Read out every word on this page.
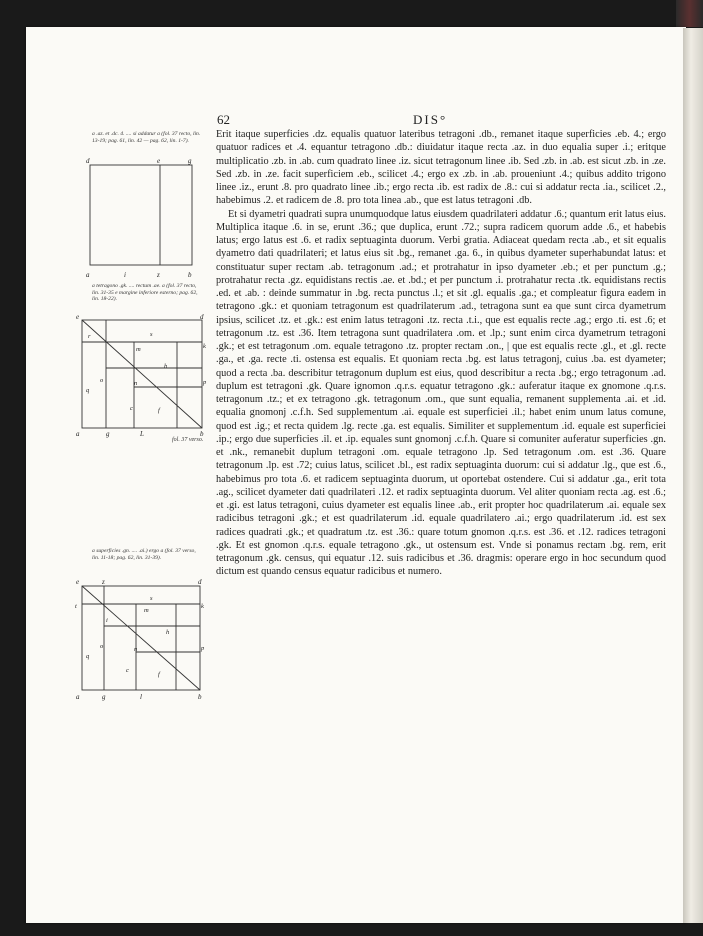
62	DIS°
a .az. et .dc. 4. .... si addatur a (fol. 37 recto, lin. 13-19; pag. 61, lin. 42 — pag. 62, lin. 1-7).
d	e	g
a	i	z	b
a tetragono .gk. .... rectum .ae. a (fol. 37 recto, lin. 31-35 e margine inferiore esterno; pag. 62, lin. 18-22).
e	d
r	s
k
m
h
p
o	n
q
c	f
a	g	L	b
fol. 37 verso.
a superficies .gn. .... .ai.) ergo a (fol. 37 verso, lin. 11-18; pag. 62, lin. 31-39).
e	z	d
t
s
m
k
i
h
p
o	n
q
c
f
a	g	l	b

Erit itaque superficies .dz. equalis quatuor lateribus tetragoni .db., remanet itaque superficies .eb. 4.; ergo quatuor radices et .4. equantur tetragono .db.: diuidatur itaque recta .az. in duo equalia super .i.; eritque multiplicatio .zb. in .ab. cum quadrato linee .iz. sicut tetragonum linee .ib. Sed .zb. in .ab. est sicut .zb. in .ze. Sed .zb. in .ze. facit superficiem .eb., scilicet .4.; ergo ex .zb. in .ab. proueniunt .4.; quibus addito trigono linee .iz., erunt .8. pro quadrato linee .ib.; ergo recta .ib. est radix de .8.: cui si addatur recta .ia., scilicet .2., habebimus .2. et radicem de .8. pro tota linea .ab., que est latus tetragoni .db.

Et si dyametri quadrati supra unumquodque latus eiusdem quadrilateri addatur .6.; quantum erit latus eius. Multiplica itaque .6. in se, erunt .36.; que duplica, erunt .72.; supra radicem quorum adde .6., et habebis latus; ergo latus est .6. et radix septuaginta duorum. Verbi gratia. Adiaceat quedam recta .ab., et sit equalis dyametro dati quadrilateri; et latus eius sit .bg., remanet .ga. 6., in quibus dyameter superhabundat latus: et constituatur super rectam .ab. tetragonum .ad.; et protrahatur in ipso dyameter .eb.; et per punctum .g.; protrahatur recta .gz. equidistans rectis .ae. et .bd.; et per punctum .i. protrahatur recta .tk. equidistans rectis .ed. et .ab. : deinde summatur in .bg. recta punctus .l.; et sit .gl. equalis .ga.; et compleatur figura eadem in tetragono .gk.: et quoniam tetragonum est quadrilaterum .ad., tetragona sunt ea que sunt circa dyametrum ipsius, scilicet .tz. et .gk.: est enim latus tetragoni .tz. recta .t.i., que est equalis recte .ag.; ergo .ti. est .6; et tetragonum .tz. est .36. Item tetragona sunt quadrilatera .om. et .lp.; sunt enim circa dyametrum tetragoni .gk.; et est tetragonum .om. equale tetragono .tz. propter rectam .on., | que est equalis recte .gl., et .gl. recte .ga., et .ga. recte .ti. ostensa est equalis. Et quoniam recta .bg. est latus tetragonj, cuius .ba. est dyameter; quod a recta .ba. describitur tetragonum duplum est eius, quod describitur a recta .bg.; ergo tetragonum .ad. duplum est tetragoni .gk. Quare ignomon .q.r.s. equatur tetragono .gk.: auferatur itaque ex gnomone .q.r.s. tetragonum .tz.; et ex tetragono .gk. tetragonum .om., que sunt equalia, remanent supplementa .ai. et .id. equalia gnomonj .c.f.h. Sed supplementum .ai. equale est superficiei .il.; habet enim unum latus comune, quod est .ig.; et recta quidem .lg. recte .ga. est equalis. Similiter et supplementum .id. equale est superficiei .ip.; ergo due superficies .il. et .ip. equales sunt gnomonj .c.f.h. Quare si comuniter auferatur superficies .gn. et .nk., remanebit duplum tetragoni .om. equale tetragono .lp. Sed tetragonum .om. est .36. Quare tetragonum .lp. est .72; cuius latus, scilicet .bl., est radix septuaginta duorum: cui si addatur .lg., que est .6., habebimus pro tota .6. et radicem septuaginta duorum, ut oportebat ostendere. Cui si addatur .ga., erit tota .ag., scilicet dyameter dati quadrilateri .12. et radix septuaginta duorum. Vel aliter quoniam recta .ag. est .6.; et .gi. est latus tetragoni, cuius dyameter est equalis linee .ab., erit propter hoc quadrilaterum .ai. equale sex radicibus tetragoni .gk.; et est quadrilaterum .id. equale quadrilatero .ai.; ergo quadrilaterum .id. est sex radices quadrati .gk.; et quadratum .tz. est .36.: quare totum gnomon .q.r.s. est .36. et .12. radices tetragoni .gk. Et est gnomon .q.r.s. equale tetragono .gk., ut ostensum est. Vnde si ponamus rectam .bg. rem, erit tetragonum .gk. census, qui equatur .12. suis radicibus et .36. dragmis: operare ergo in hoc secundum quod dictum est quando census equatur radicibus et numero.
